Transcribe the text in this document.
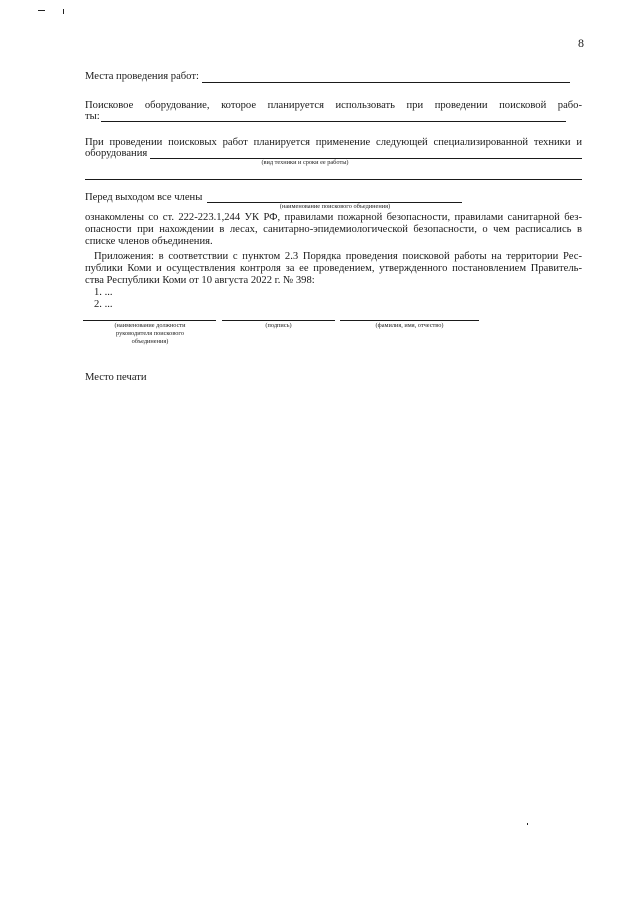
8
Места проведения работ:
Поисковое оборудование, которое планируется использовать при проведении поисковой рабо-
ты:
При проведении поисковых работ планируется применение следующей специализированной техники и
оборудования
(вид техники и сроки ее работы)
Перед выходом все члены
(наименование поискового объединения)
ознакомлены со ст. 222-223.1,244 УК РФ, правилами пожарной безопасности, правилами санитарной без-
опасности при нахождении в лесах, санитарно-эпидемиологической безопасности, о чем расписались в
списке членов объединения.
Приложения: в соответствии с пунктом 2.3 Порядка проведения поисковой работы на территории Рес-
публики Коми и осуществления контроля за ее проведением, утвержденного постановлением Правитель-
ства Республики Коми от 10 августа 2022 г. № 398:
1. ...
2. ...
(наименование должности
руководителя поискового
объединения)
(подпись)	(фамилия, имя, отчество)
Место печати
